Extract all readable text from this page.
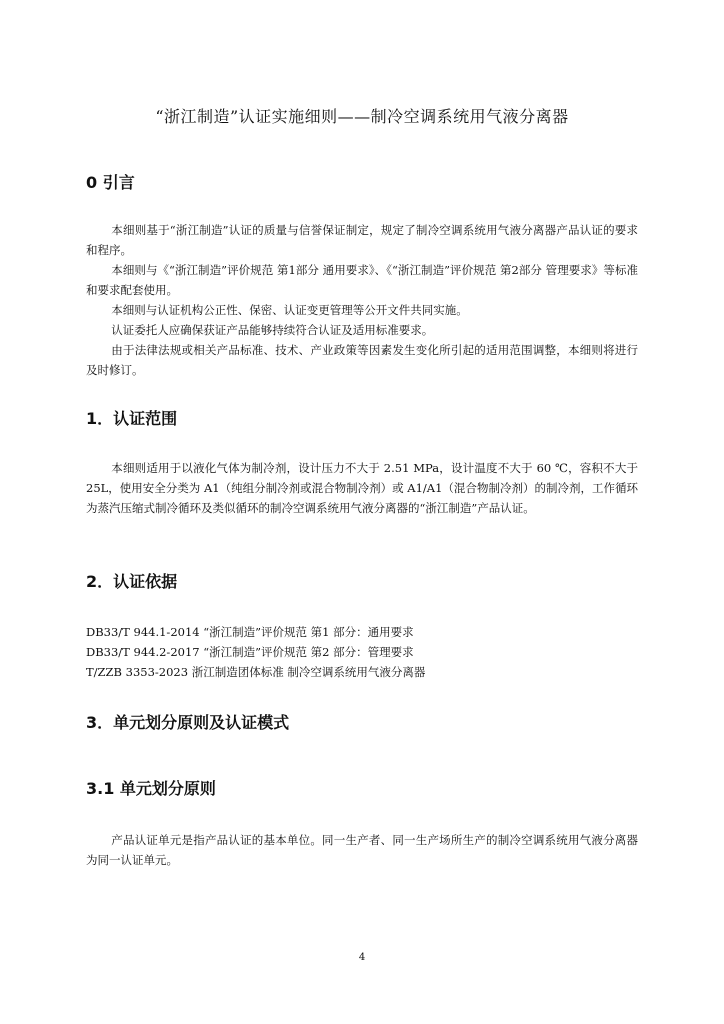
“浙江制造”认证实施细则——制冷空调系统用气液分离器
0 引言

本细则基于“浙江制造”认证的质量与信誉保证制定，规定了制冷空调系统用气液分离器产品认证的要求和程序。

本细则与《“浙江制造”评价规范 第1部分 通用要求》、《“浙江制造”评价规范 第2部分 管理要求》等标准和要求配套使用。

本细则与认证机构公正性、保密、认证变更管理等公开文件共同实施。

认证委托人应确保获证产品能够持续符合认证及适用标准要求。

由于法律法规或相关产品标准、技术、产业政策等因素发生变化所引起的适用范围调整，本细则将进行及时修订。

1．认证范围

本细则适用于以液化气体为制冷剂，设计压力不大于 2.51 MPa，设计温度不大于 60 ℃，容积不大于 25L，使用安全分类为 A1（纯组分制冷剂或混合物制冷剂）或 A1/A1（混合物制冷剂）的制冷剂，工作循环为蒸汽压缩式制冷循环及类似循环的制冷空调系统用气液分离器的“浙江制造”产品认证。

2．认证依据
DB33/T 944.1-2014 “浙江制造”评价规范 第1 部分：通用要求
DB33/T 944.2-2017 “浙江制造”评价规范 第2 部分：管理要求
T/ZZB 3353-2023 浙江制造团体标准 制冷空调系统用气液分离器
3．单元划分原则及认证模式
3.1 单元划分原则

产品认证单元是指产品认证的基本单位。同一生产者、同一生产场所生产的制冷空调系统用气液分离器为同一认证单元。

4
